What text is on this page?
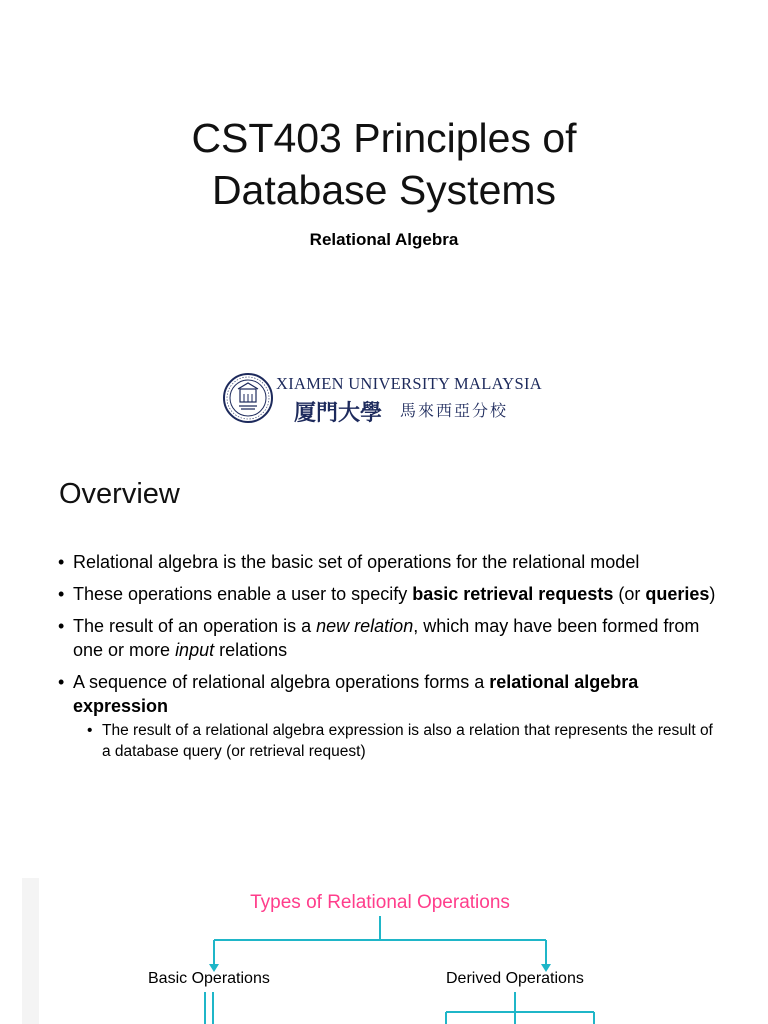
CST403 Principles of
Database Systems
Relational Algebra
XIAMEN UNIVERSITY MALAYSIA
厦門大學 馬來西亞分校
Overview
• Relational algebra is the basic set of operations for the relational model
• These operations enable a user to specify basic retrieval requests (or queries)
• The result of an operation is a new relation, which may have been formed from one or more input relations
• A sequence of relational algebra operations forms a relational algebra expression
• The result of a relational algebra expression is also a relation that represents the result of a database query (or retrieval request)
Types of Relational Operations
Basic Operations	Derived Operations
